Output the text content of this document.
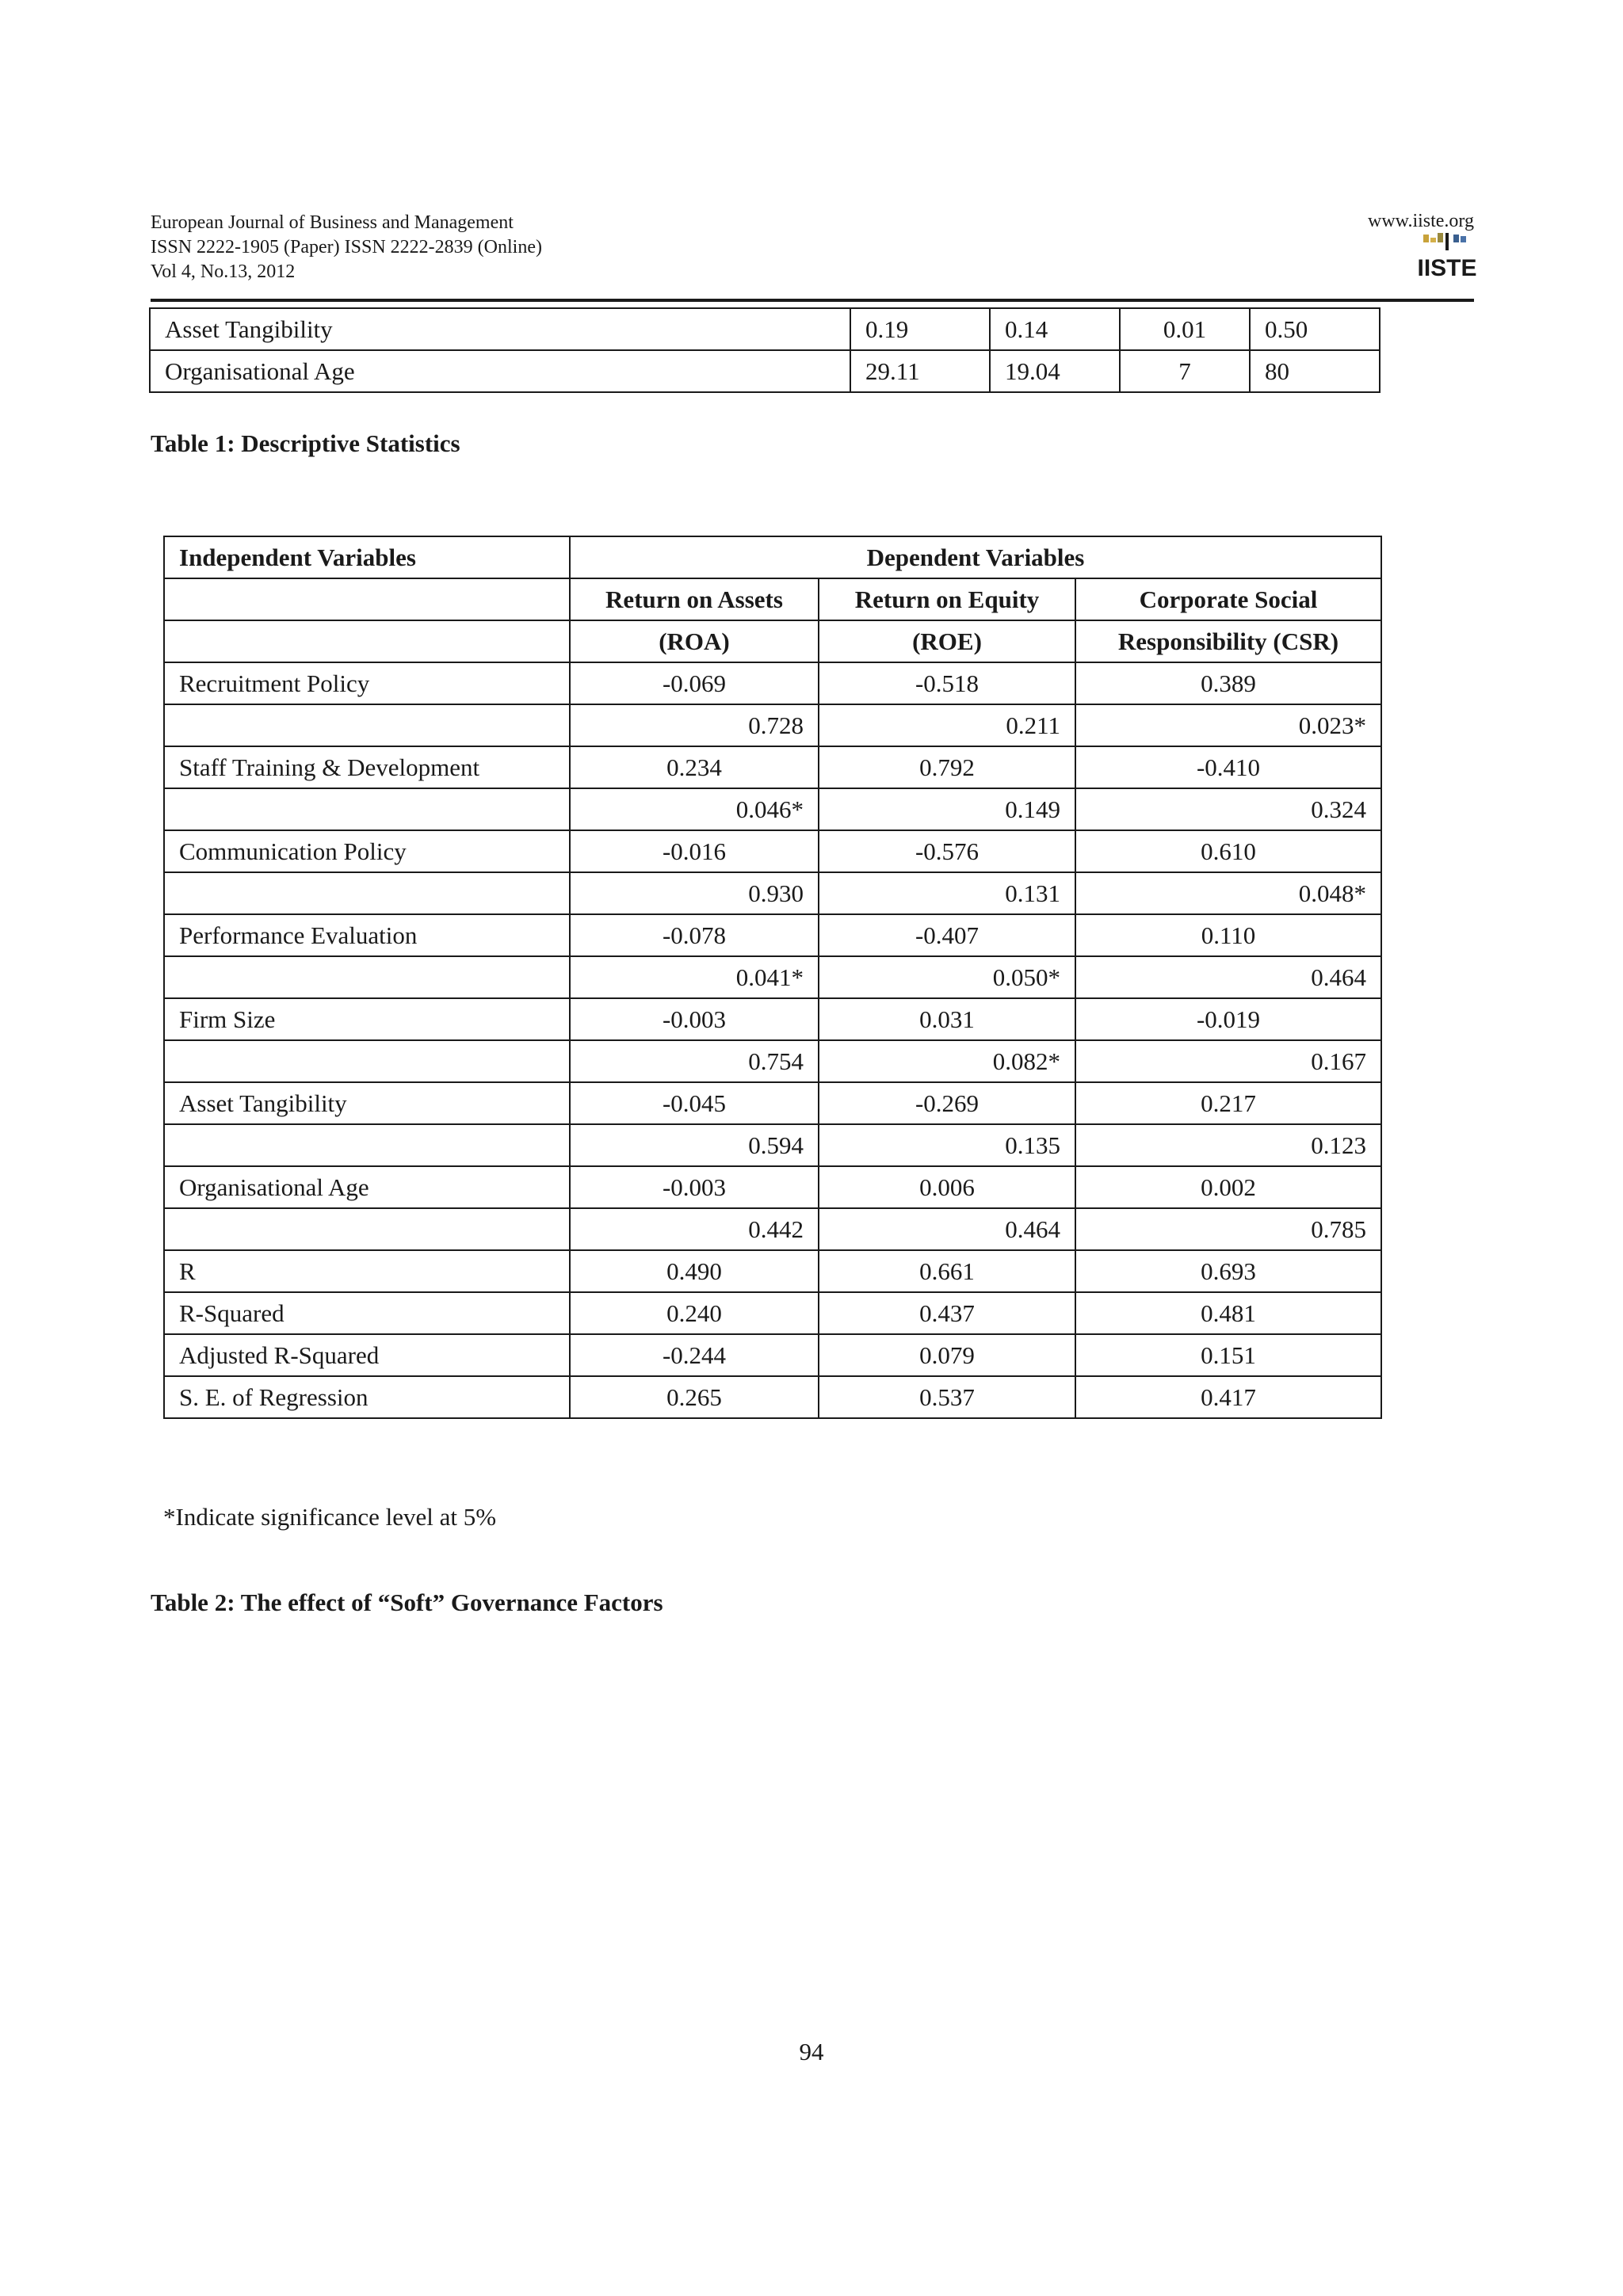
European Journal of Business and Management
ISSN 2222-1905 (Paper) ISSN 2222-2839 (Online)
Vol 4, No.13, 2012
www.iiste.org
IISTE
Asset Tangibility	0.19	0.14	0.01	0.50
Organisational Age	29.11	19.04	7	80
Table 1: Descriptive Statistics
Independent Variables	Dependent Variables		
	Return on Assets	Return on Equity	Corporate Social
	(ROA)	(ROE)	Responsibility (CSR)
Recruitment Policy	-0.069	-0.518	0.389
	0.728	0.211	0.023*
Staff Training & Development	0.234	0.792	-0.410
	0.046*	0.149	0.324
Communication Policy	-0.016	-0.576	0.610
	0.930	0.131	0.048*
Performance Evaluation	-0.078	-0.407	0.110
	0.041*	0.050*	0.464
Firm Size	-0.003	0.031	-0.019
	0.754	0.082*	0.167
Asset Tangibility	-0.045	-0.269	0.217
	0.594	0.135	0.123
Organisational Age	-0.003	0.006	0.002
	0.442	0.464	0.785
R	0.490	0.661	0.693
R-Squared	0.240	0.437	0.481
Adjusted R-Squared	-0.244	0.079	0.151
S. E. of Regression	0.265	0.537	0.417
*Indicate significance level at 5%
Table 2: The effect of “Soft” Governance Factors
94
